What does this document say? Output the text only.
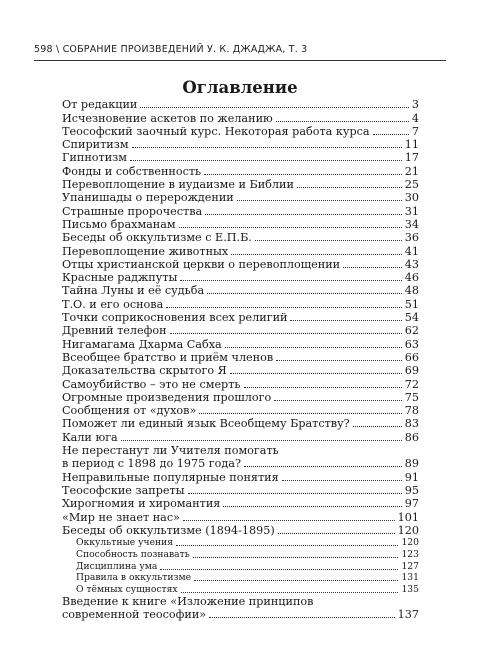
598 \ СОБРАНИЕ ПРОИЗВЕДЕНИЙ У. К. ДЖАДЖА, Т. 3
Оглавление
От редакции	3
Исчезновение аскетов по желанию	4
Теософский заочный курс. Некоторая работа курса	7
Спиритизм	11
Гипнотизм	17
Фонды и собственность	21
Перевоплощение в иудаизме и Библии	25
Упанишады о перерождении	30
Страшные пророчества	31
Письмо брахманам	34
Беседы об оккультизме с Е.П.Б.	36
Перевоплощение животных	41
Отцы христианской церкви о перевоплощении	43
Красные раджпуты	46
Тайна Луны и её судьба	48
Т.О. и его основа	51
Точки соприкосновения всех религий	54
Древний телефон	62
Нигамагама Дхарма Сабха	63
Всеобщее братство и приём членов	66
Доказательства скрытого Я	69
Самоубийство – это не смерть	72
Огромные произведения прошлого	75
Сообщения от «духов»	78
Поможет ли единый язык Всеобщему Братству?	83
Кали юга	86
Не перестанут ли Учителя помогать
в период с 1898 до 1975 года?	89
Неправильные популярные понятия	91
Теософские запреты	95
Хирогномия и хиромантия	97
«Мир не знает нас»	101
Беседы об оккультизме (1894-1895)	120
Оккультные учения	120
Способность познавать	123
Дисциплина ума	127
Правила в оккультизме	131
О тёмных сущностях	135
Введение к книге «Изложение принципов
современной теософии»	137
